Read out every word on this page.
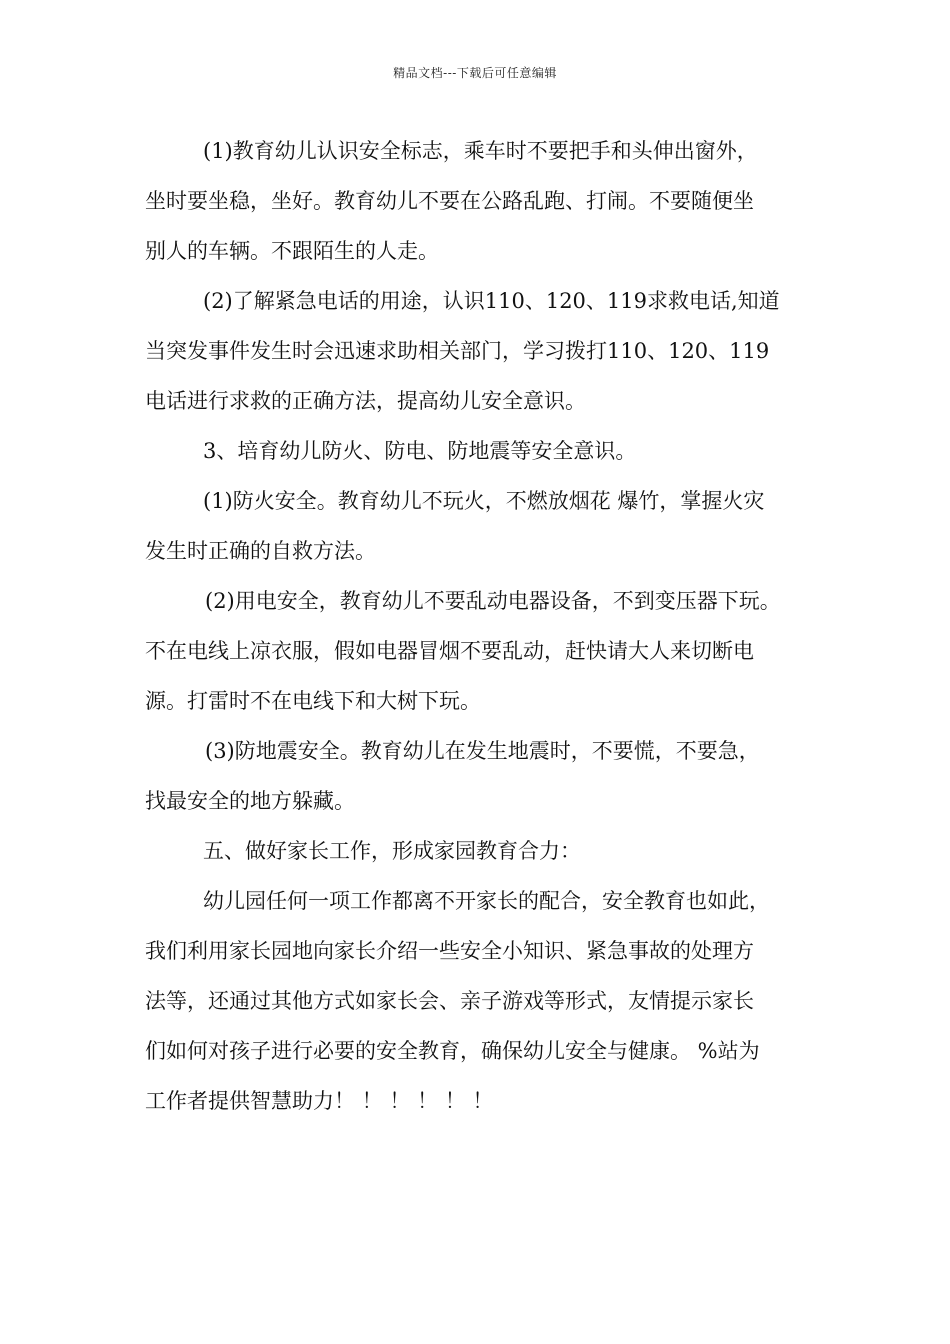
精品文档---下载后可任意编辑
(1)教育幼儿认识安全标志，乘车时不要把手和头伸出窗外，
坐时要坐稳，坐好。教育幼儿不要在公路乱跑、打闹。不要随便坐
别人的车辆。不跟陌生的人走。
(2)了解紧急电话的用途，认识110、120、119求救电话,知道
当突发事件发生时会迅速求助相关部门，学习拨打110、120、119
电话进行求救的正确方法，提高幼儿安全意识。
3、培育幼儿防火、防电、防地震等安全意识。
(1)防火安全。教育幼儿不玩火，不燃放烟花 爆竹，掌握火灾
发生时正确的自救方法。
(2)用电安全，教育幼儿不要乱动电器设备，不到变压器下玩。
不在电线上凉衣服，假如电器冒烟不要乱动，赶快请大人来切断电
源。打雷时不在电线下和大树下玩。
(3)防地震安全。教育幼儿在发生地震时，不要慌，不要急，
找最安全的地方躲藏。
五、做好家长工作，形成家园教育合力：
幼儿园任何一项工作都离不开家长的配合，安全教育也如此，
我们利用家长园地向家长介绍一些安全小知识、紧急事故的处理方
法等，还通过其他方式如家长会、亲子游戏等形式，友情提示家长
们如何对孩子进行必要的安全教育，确保幼儿安全与健康。 %站为
工作者提供智慧助力！ ！ ！ ！ ！ ！
